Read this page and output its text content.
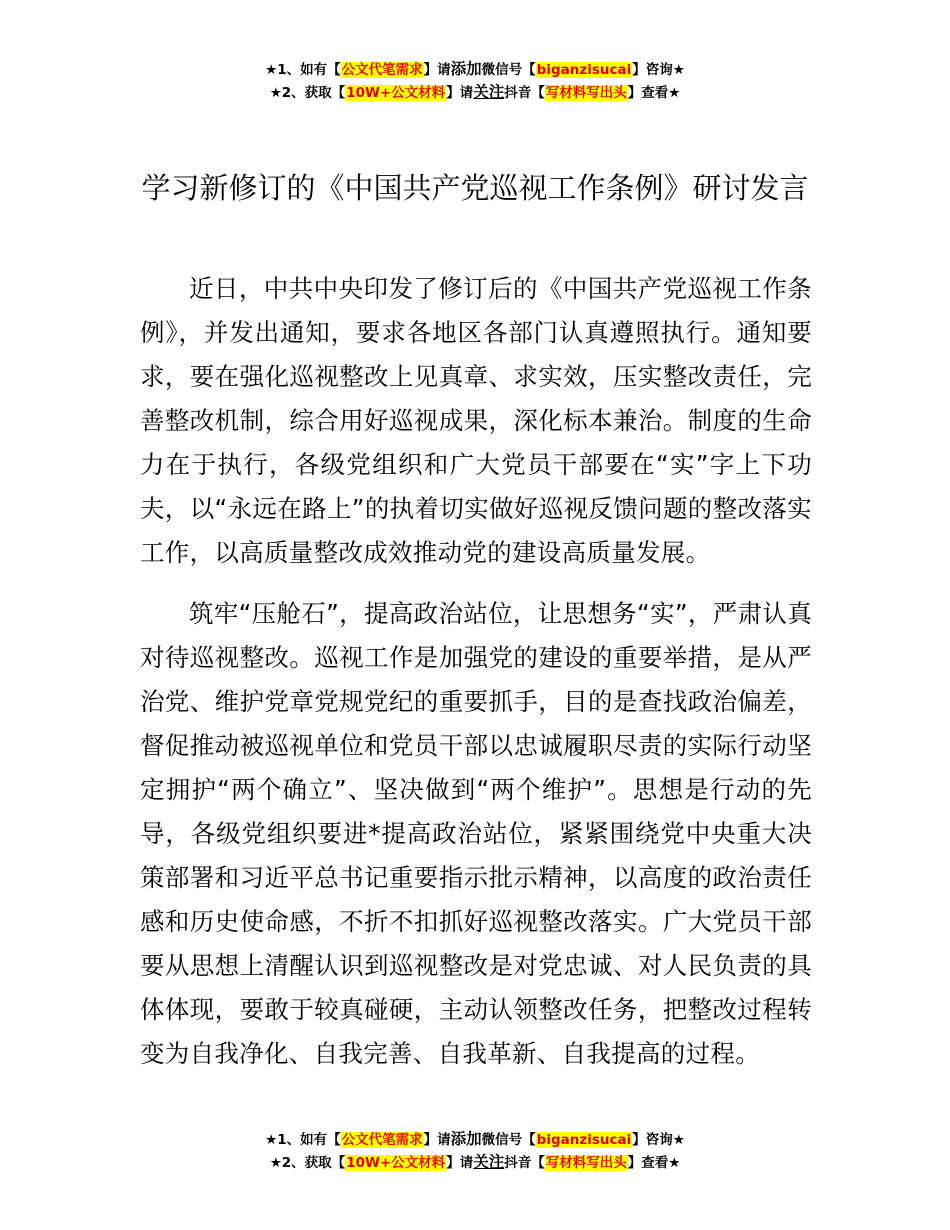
★1、如有【公文代笔需求】请添加微信号【biganzisucai】咨询★
★2、获取【10W+公文材料】请关注抖音【写材料写出头】查看★
学习新修订的《中国共产党巡视工作条例》研讨发言

近日，中共中央印发了修订后的《中国共产党巡视工作条例》，并发出通知，要求各地区各部门认真遵照执行。通知要求，要在强化巡视整改上见真章、求实效，压实整改责任，完善整改机制，综合用好巡视成果，深化标本兼治。制度的生命力在于执行，各级党组织和广大党员干部要在“实”字上下功夫，以“永远在路上”的执着切实做好巡视反馈问题的整改落实工作，以高质量整改成效推动党的建设高质量发展。

筑牢“压舱石”，提高政治站位，让思想务“实”，严肃认真对待巡视整改。巡视工作是加强党的建设的重要举措，是从严治党、维护党章党规党纪的重要抓手，目的是查找政治偏差，督促推动被巡视单位和党员干部以忠诚履职尽责的实际行动坚定拥护“两个确立”、坚决做到“两个维护”。思想是行动的先导，各级党组织要进*提高政治站位，紧紧围绕党中央重大决策部署和习近平总书记重要指示批示精神，以高度的政治责任感和历史使命感，不折不扣抓好巡视整改落实。广大党员干部要从思想上清醒认识到巡视整改是对党忠诚、对人民负责的具体体现，要敢于较真碰硬，主动认领整改任务，把整改过程转变为自我净化、自我完善、自我革新、自我提高的过程。

★1、如有【公文代笔需求】请添加微信号【biganzisucai】咨询★
★2、获取【10W+公文材料】请关注抖音【写材料写出头】查看★
